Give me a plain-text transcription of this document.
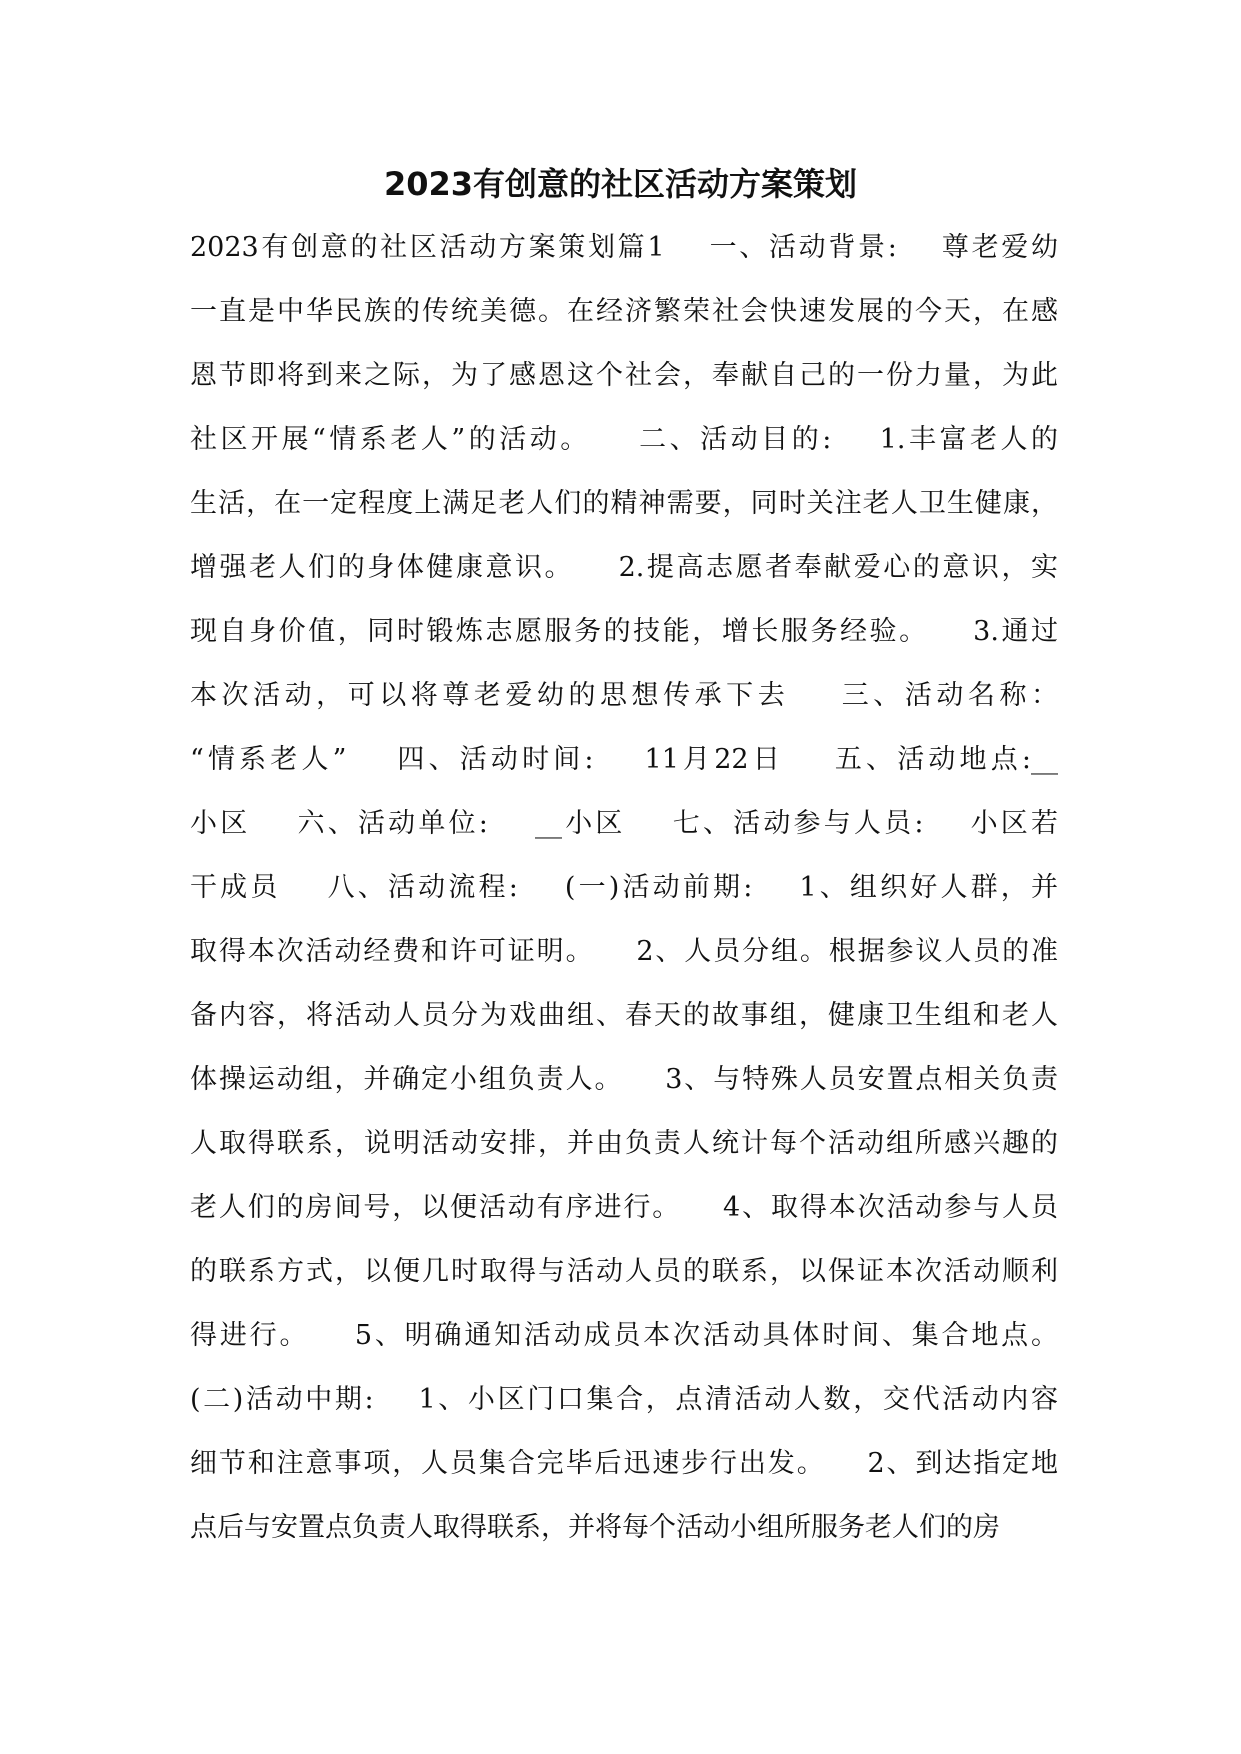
2023有创意的社区活动方案策划
2023有创意的社区活动方案策划篇1    一、活动背景:    尊老爱幼
一直是中华民族的传统美德。在经济繁荣社会快速发展的今天，在感
恩节即将到来之际，为了感恩这个社会，奉献自己的一份力量，为此
社区开展“情系老人”的活动。    二、活动目的:    1.丰富老人的
生活，在一定程度上满足老人们的精神需要，同时关注老人卫生健康，
增强老人们的身体健康意识。    2.提高志愿者奉献爱心的意识，实
现自身价值，同时锻炼志愿服务的技能，增长服务经验。    3.通过
本次活动，可以将尊老爱幼的思想传承下去    三、活动名称：
“情系老人”    四、活动时间:    11月22日    五、活动地点:__
小区    六、活动单位:    __小区    七、活动参与人员:    小区若
干成员    八、活动流程:    (一)活动前期:    1、组织好人群，并
取得本次活动经费和许可证明。    2、人员分组。根据参议人员的准
备内容，将活动人员分为戏曲组、春天的故事组，健康卫生组和老人
体操运动组，并确定小组负责人。    3、与特殊人员安置点相关负责
人取得联系，说明活动安排，并由负责人统计每个活动组所感兴趣的
老人们的房间号，以便活动有序进行。    4、取得本次活动参与人员
的联系方式，以便几时取得与活动人员的联系，以保证本次活动顺利
得进行。    5、明确通知活动成员本次活动具体时间、集合地点。
(二)活动中期:    1、小区门口集合，点清活动人数，交代活动内容
细节和注意事项，人员集合完毕后迅速步行出发。    2、到达指定地
点后与安置点负责人取得联系，并将每个活动小组所服务老人们的房
